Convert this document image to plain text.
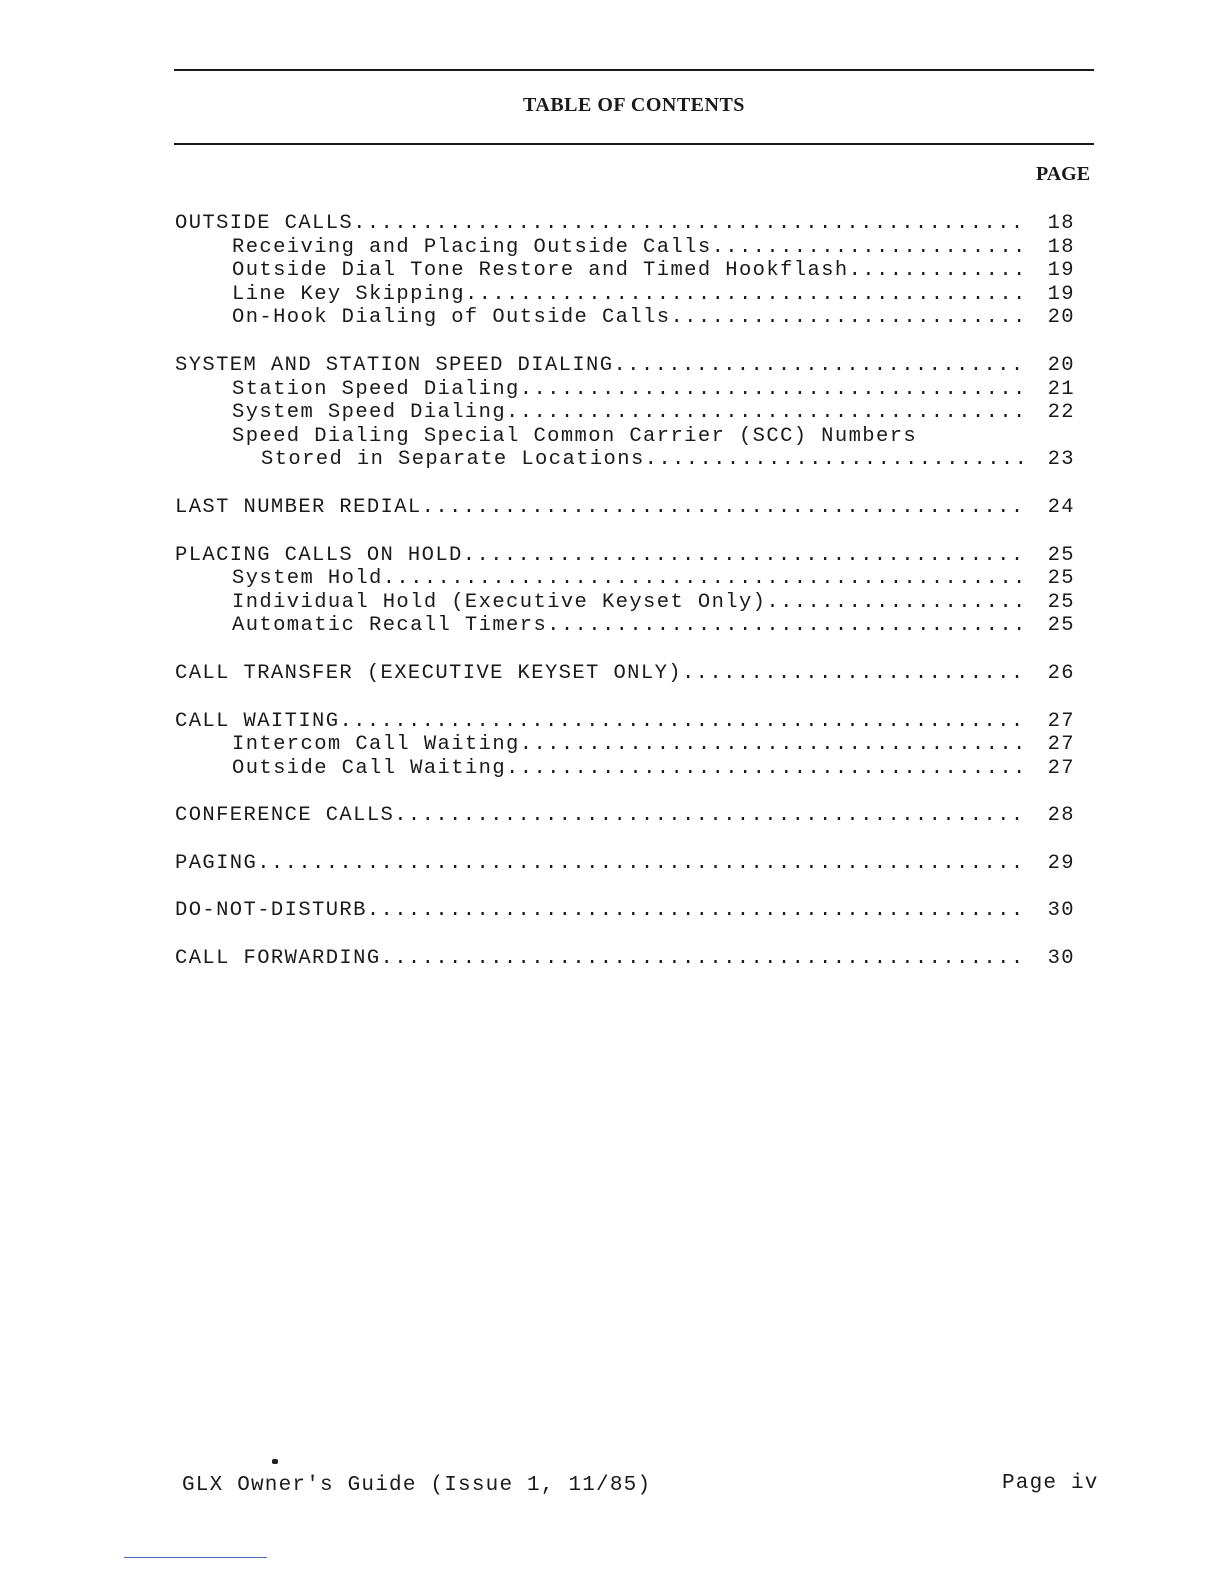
TABLE OF CONTENTS
PAGE
OUTSIDE CALLS .....	18
Receiving and Placing Outside Calls .....	18
Outside Dial Tone Restore and Timed Hookflash .....	19
Line Key Skipping .....	19
On-Hook Dialing of Outside Calls .....	20
SYSTEM AND STATION SPEED DIALING .....	20
Station Speed Dialing .....	21
System Speed Dialing .....	22
Speed Dialing Special Common Carrier (SCC) Numbers
Stored in Separate Locations .....	23
LAST NUMBER REDIAL .....	24
PLACING CALLS ON HOLD .....	25
System Hold .....	25
Individual Hold (Executive Keyset Only) .....	25
Automatic Recall Timers .....	25
CALL TRANSFER (EXECUTIVE KEYSET ONLY) .....	26
CALL WAITING .....	27
Intercom Call Waiting .....	27
Outside Call Waiting .....	27
CONFERENCE CALLS .....	28
PAGING .....	29
DO-NOT-DISTURB .....	30
CALL FORWARDING .....	30
GLX Owner's Guide (Issue 1, 11/85)	Page iv
